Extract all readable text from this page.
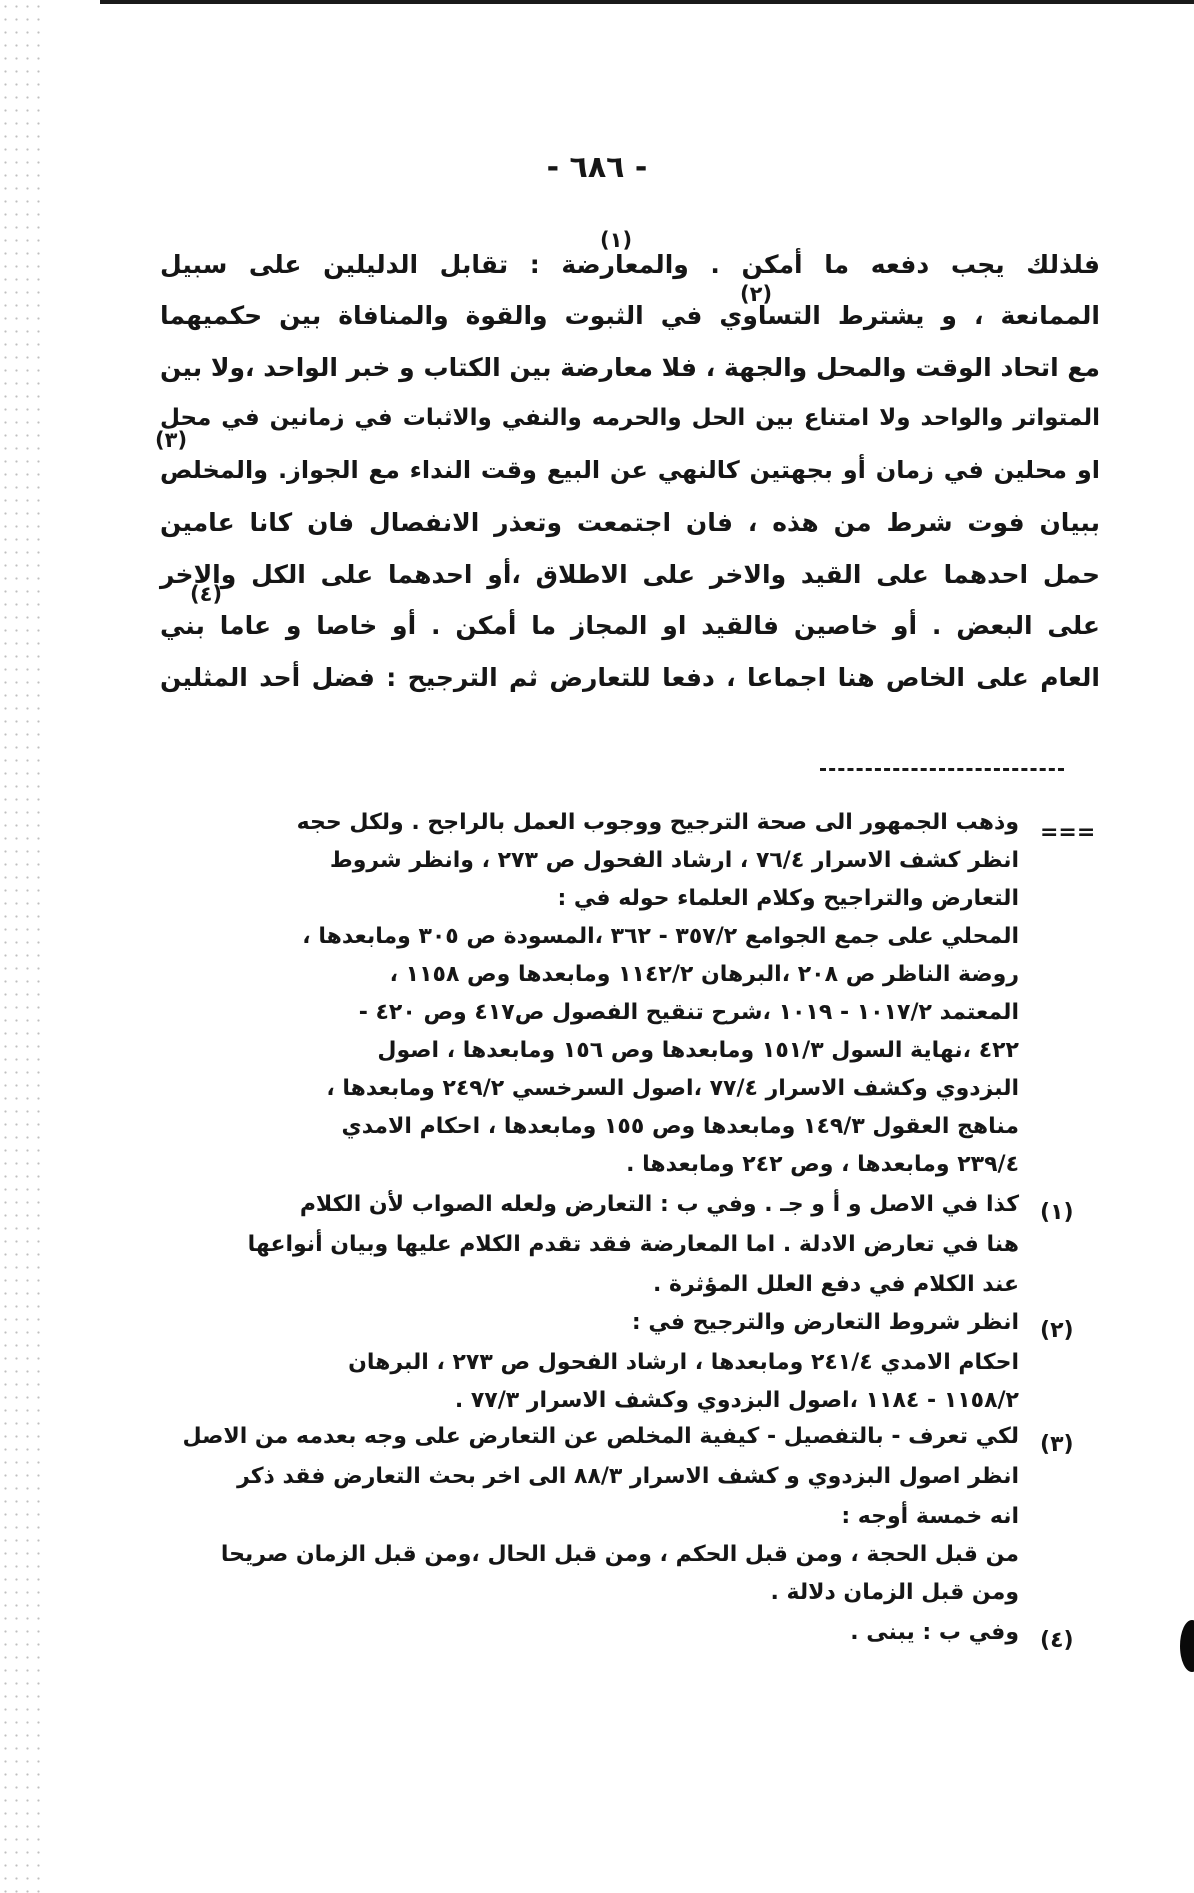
- ٦٨٦ -
فلذلك يجب دفعه ما أمكن . والمعارضة : تقابل الدليلين على سبيل
الممانعة ، و يشترط التساوي في الثبوت والقوة والمنافاة بين حكميهما
مع اتحاد الوقت والمحل والجهة ، فلا معارضة بين الكتاب و خبر الواحد ،ولا بين
المتواتر والواحد ولا امتناع بين الحل والحرمه والنفي والاثبات في زمانين في محل
او محلين في زمان أو بجهتين كالنهي عن البيع وقت النداء مع الجواز. والمخلص
ببيان فوت شرط من هذه ، فان اجتمعت وتعذر الانفصال فان كانا عامين
حمل احدهما على القيد والاخر على الاطلاق ،أو احدهما على الكل والاخر
على البعض . أو خاصين فالقيد او المجاز ما أمكن . أو خاصا و عاما بني
العام على الخاص هنا اجماعا ، دفعا للتعارض ثم الترجيح : فضل أحد المثلين
(١)
(٢)
(٣)
(٤)
===
وذهب الجمهور الى صحة الترجيح ووجوب العمل بالراجح . ولكل حجه
انظر كشف الاسرار ٧٦/٤ ، ارشاد الفحول ص ٢٧٣ ، وانظر شروط
التعارض والتراجيح وكلام العلماء حوله في :
المحلي على جمع الجوامع ٣٥٧/٢ - ٣٦٢ ،المسودة ص ٣٠٥ ومابعدها ،
روضة الناظر ص ٢٠٨ ،البرهان ١١٤٢/٢ ومابعدها وص ١١٥٨ ،
المعتمد ١٠١٧/٢ - ١٠١٩ ،شرح تنقيح الفصول ص٤١٧ وص ٤٢٠ -
٤٢٢ ،نهاية السول ١٥١/٣ ومابعدها وص ١٥٦ ومابعدها ، اصول
البزدوي وكشف الاسرار ٧٧/٤ ،اصول السرخسي ٢٤٩/٢ ومابعدها ،
مناهج العقول ١٤٩/٣ ومابعدها وص ١٥٥ ومابعدها ، احكام الامدي
٢٣٩/٤ ومابعدها ، وص ٢٤٢ ومابعدها .
(١)
كذا في الاصل و أ و جـ . وفي ب : التعارض ولعله الصواب لأن الكلام
هنا في تعارض الادلة . اما المعارضة فقد تقدم الكلام عليها وبيان أنواعها
عند الكلام في دفع العلل المؤثرة .
(٢)
انظر شروط التعارض والترجيح في :
احكام الامدي ٢٤١/٤ ومابعدها ، ارشاد الفحول ص ٢٧٣ ، البرهان
١١٥٨/٢ - ١١٨٤ ،اصول البزدوي وكشف الاسرار ٧٧/٣ .
(٣)
لكي تعرف - بالتفصيل - كيفية المخلص عن التعارض على وجه بعدمه من الاصل
انظر اصول البزدوي و كشف الاسرار ٨٨/٣ الى اخر بحث التعارض فقد ذكر
انه خمسة أوجه :
من قبل الحجة ، ومن قبل الحكم ، ومن قبل الحال ،ومن قبل الزمان صريحا
ومن قبل الزمان دلالة .
(٤)
وفي ب : يبنى .
